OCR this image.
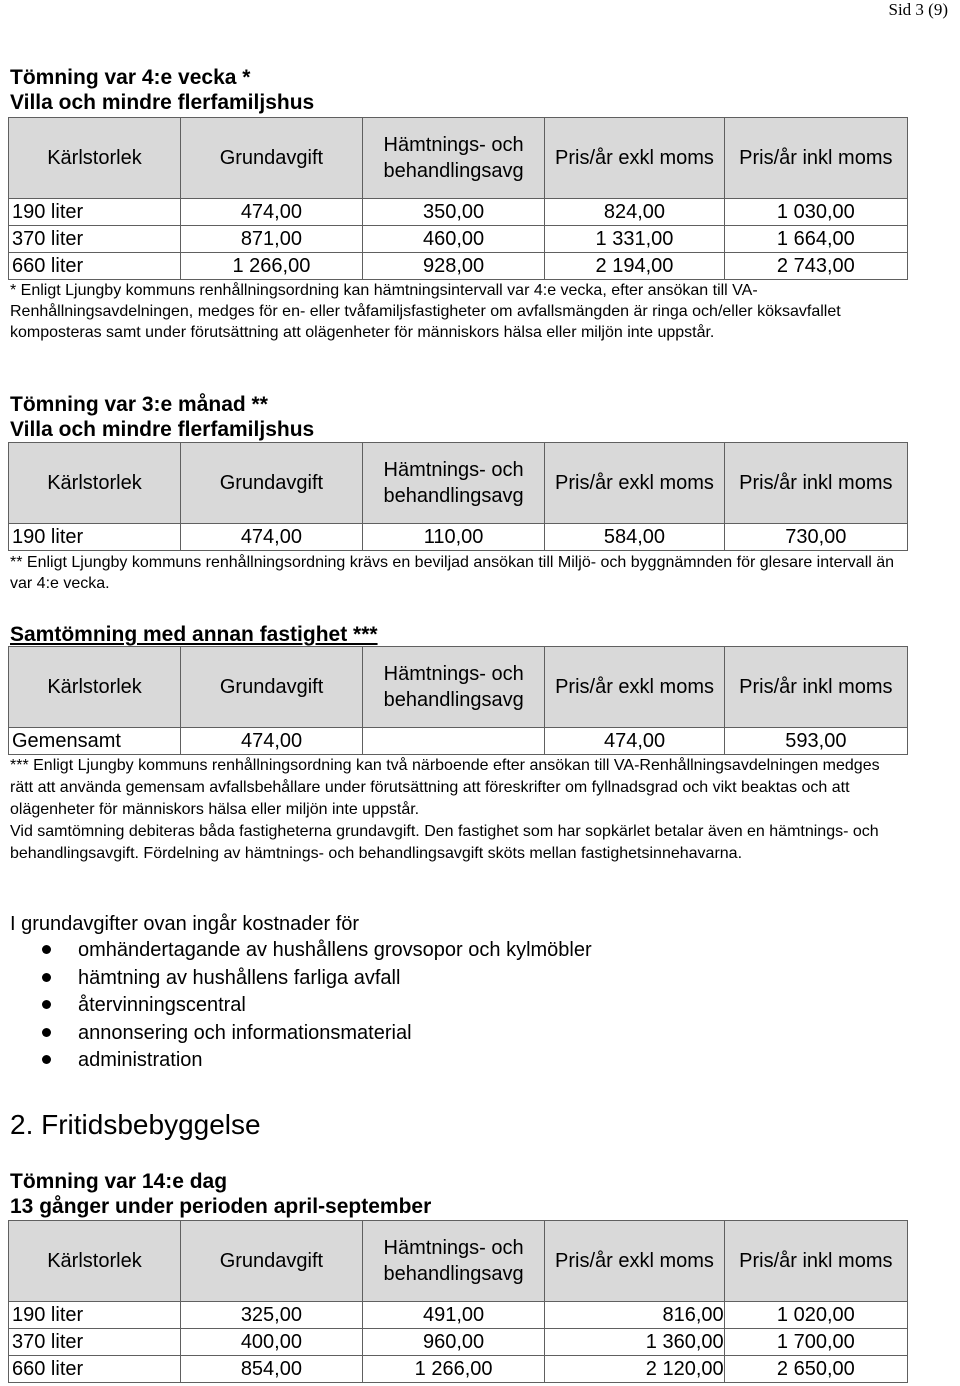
Sid 3 (9)
Tömning var 4:e vecka *
Villa och mindre flerfamiljshus
Kärlstorlek	Grundavgift	Hämtnings- och behandlingsavg	Pris/år exkl moms	Pris/år inkl moms
190 liter	474,00	350,00	824,00	1 030,00
370 liter	871,00	460,00	1 331,00	1 664,00
660 liter	1 266,00	928,00	2 194,00	2 743,00
* Enligt Ljungby kommuns renhållningsordning kan hämtningsintervall var 4:e vecka, efter ansökan till VA-Renhållningsavdelningen, medges för en- eller tvåfamiljsfastigheter om avfallsmängden är ringa och/eller köksavfallet komposteras samt under förutsättning att olägenheter för människors hälsa eller miljön inte uppstår.
Tömning var 3:e månad **
Villa och mindre flerfamiljshus
Kärlstorlek	Grundavgift	Hämtnings- och behandlingsavg	Pris/år exkl moms	Pris/år inkl moms
190 liter	474,00	110,00	584,00	730,00
** Enligt Ljungby kommuns renhållningsordning krävs en beviljad ansökan till Miljö- och byggnämnden för glesare intervall än var 4:e vecka.
Samtömning med annan fastighet ***
Kärlstorlek	Grundavgift	Hämtnings- och behandlingsavg	Pris/år exkl moms	Pris/år inkl moms
Gemensamt	474,00		474,00	593,00
*** Enligt Ljungby kommuns renhållningsordning kan två närboende efter ansökan till VA-Renhållningsavdelningen medges rätt att använda gemensam avfallsbehållare under förutsättning att föreskrifter om fyllnadsgrad och vikt beaktas och att olägenheter för människors hälsa eller miljön inte uppstår.
Vid samtömning debiteras båda fastigheterna grundavgift. Den fastighet som har sopkärlet betalar även en hämtnings- och behandlingsavgift. Fördelning av hämtnings- och behandlingsavgift sköts mellan fastighetsinnehavarna.
I grundavgifter ovan ingår kostnader för
omhändertagande av hushållens grovsopor och kylmöbler
hämtning av hushållens farliga avfall
återvinningscentral
annonsering och informationsmaterial
administration
2. Fritidsbebyggelse
Tömning var 14:e dag
13 gånger under perioden april-september
Kärlstorlek	Grundavgift	Hämtnings- och behandlingsavg	Pris/år exkl moms	Pris/år inkl moms
190 liter	325,00	491,00	816,00	1 020,00
370 liter	400,00	960,00	1 360,00	1 700,00
660 liter	854,00	1 266,00	2 120,00	2 650,00
